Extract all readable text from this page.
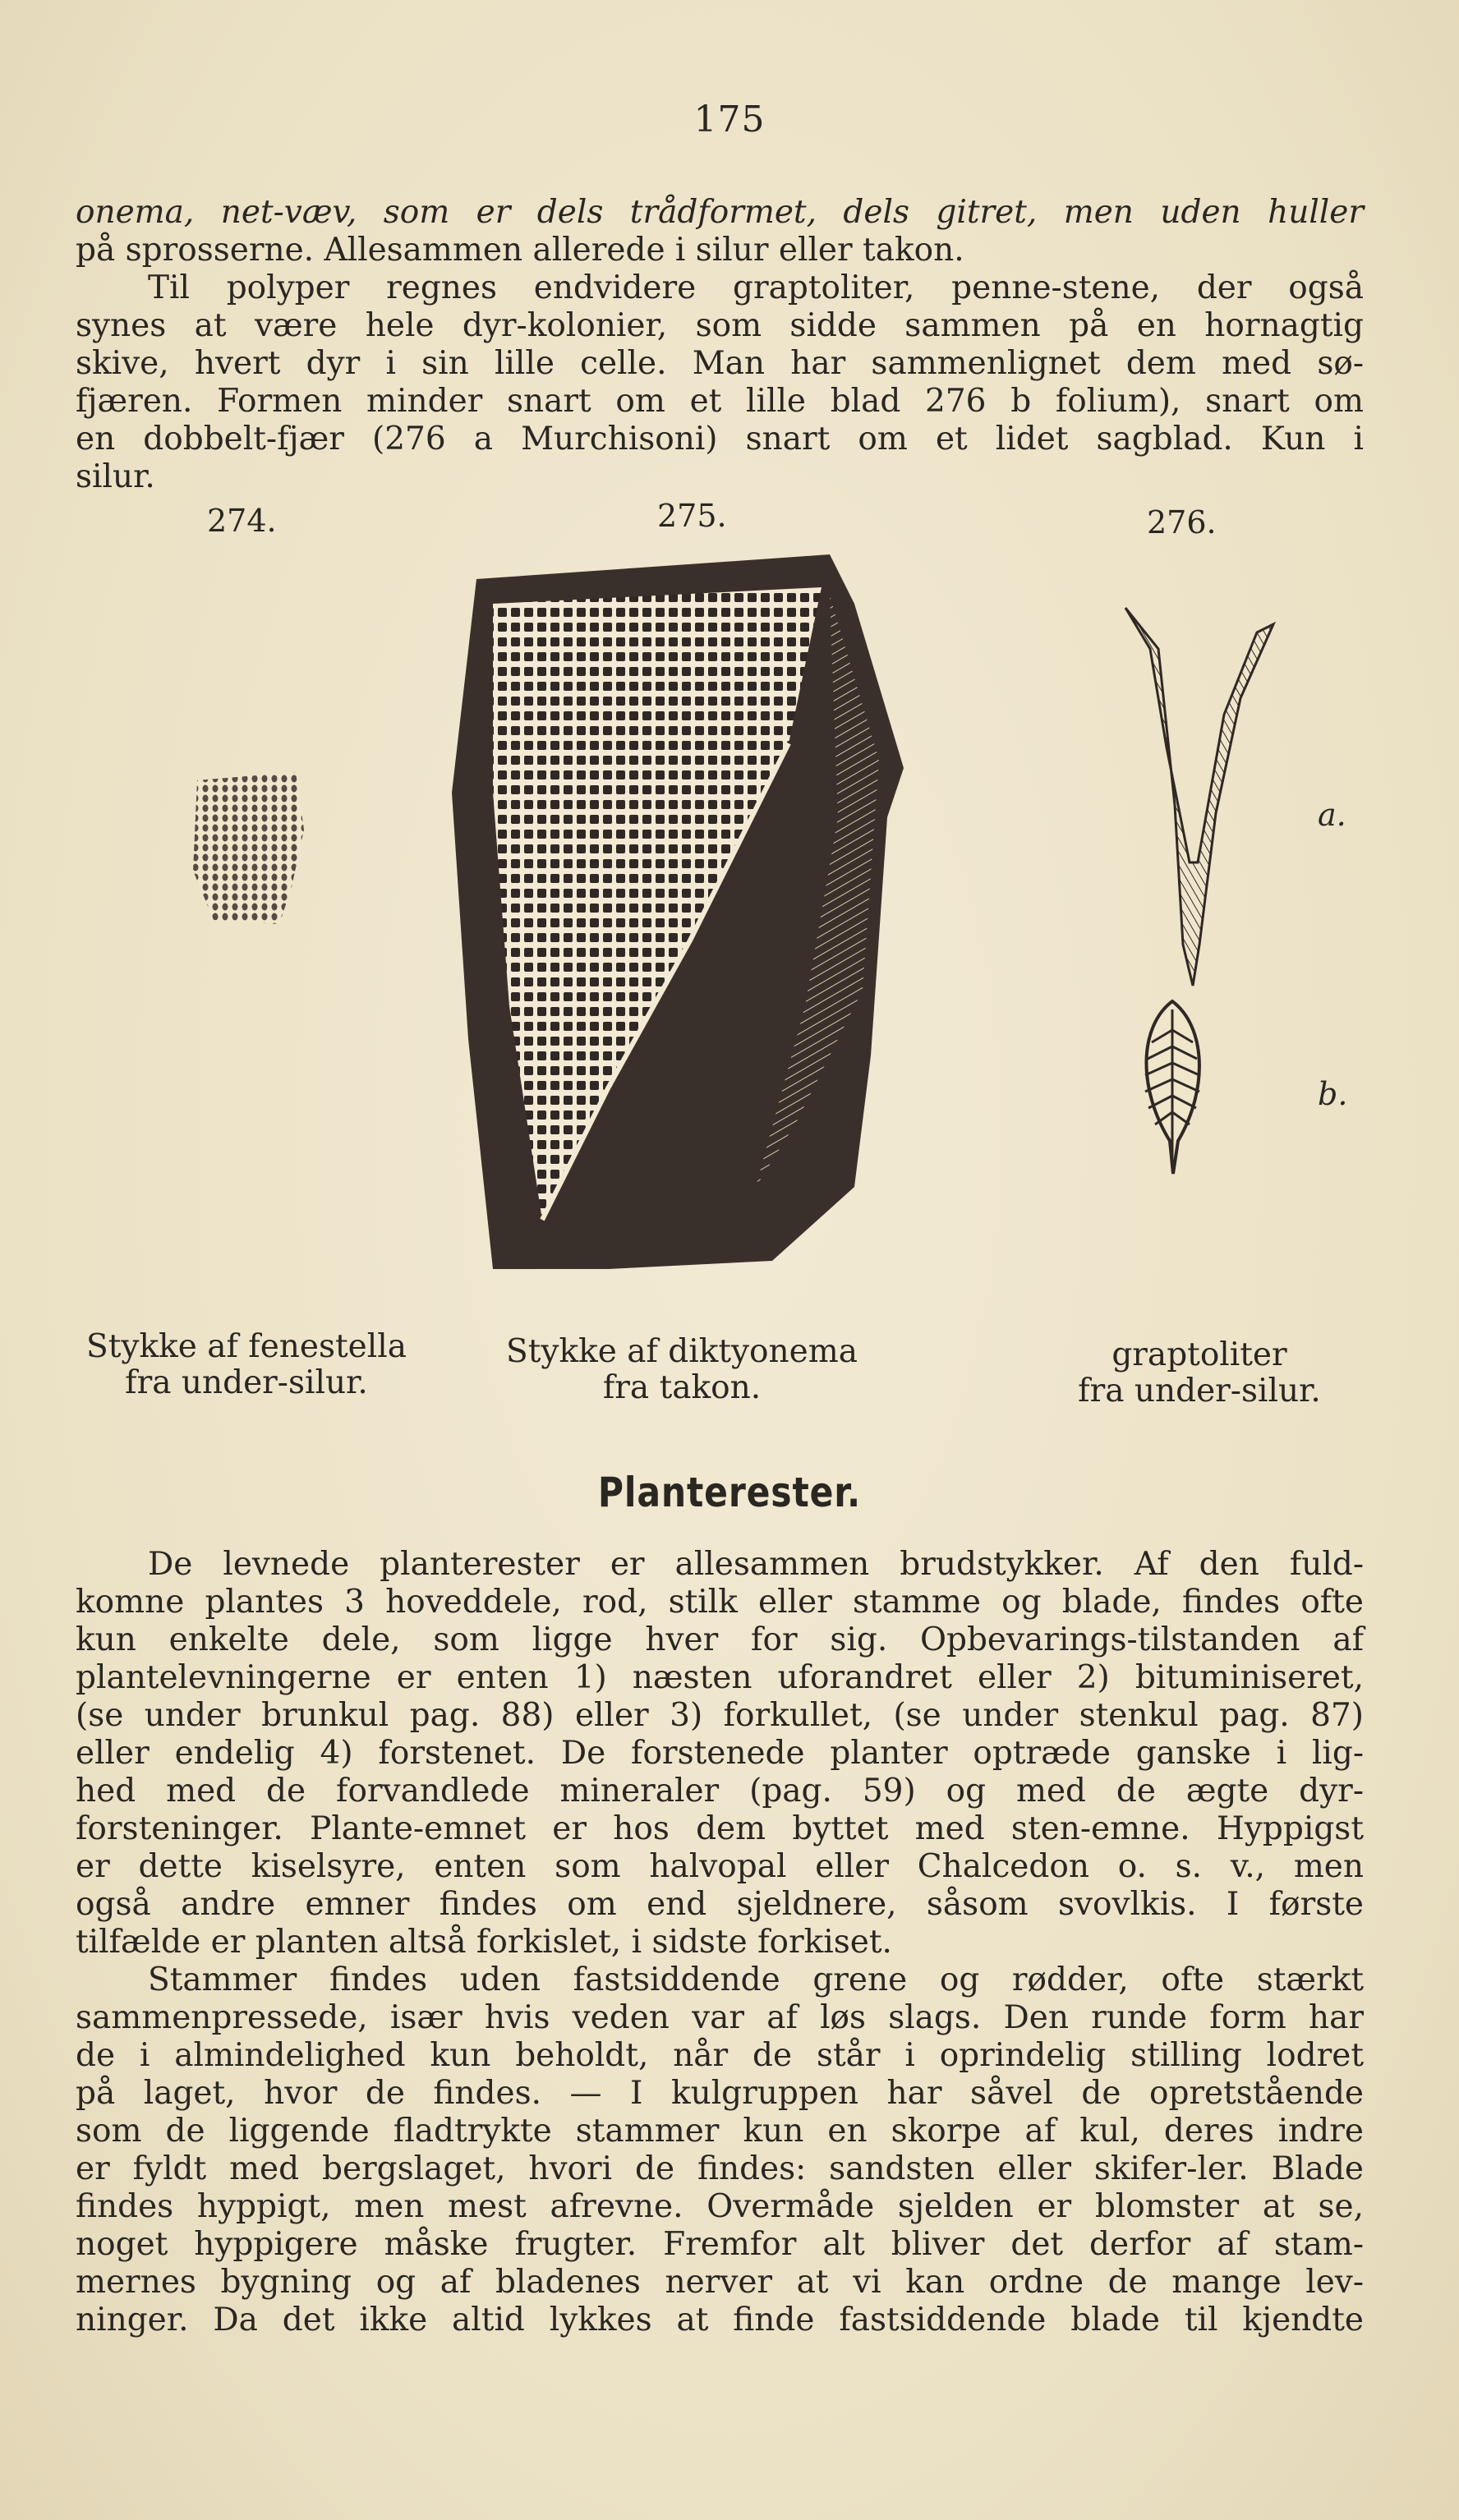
175
onema, net-væv, som er dels trådformet, dels gitret, men uden huller
på sprosserne. Allesammen allerede i silur eller takon.
Til polyper regnes endvidere graptoliter, penne-stene, der også
synes at være hele dyr-kolonier, som sidde sammen på en hornagtig
skive, hvert dyr i sin lille celle. Man har sammenlignet dem med sø-
fjæren. Formen minder snart om et lille blad 276 b folium), snart om
en dobbelt-fjær (276 a Murchisoni) snart om et lidet sagblad. Kun i
silur.
274.	275.	276.
a.
b.
Stykke af fenestella
fra under-silur.
Stykke af diktyonema
fra takon.
graptoliter
fra under-silur.
Planterester.
De levnede planterester er allesammen brudstykker. Af den fuld-
komne plantes 3 hoveddele, rod, stilk eller stamme og blade, findes ofte
kun enkelte dele, som ligge hver for sig. Opbevarings-tilstanden af
plantelevningerne er enten 1) næsten uforandret eller 2) bituminiseret,
(se under brunkul pag. 88) eller 3) forkullet, (se under stenkul pag. 87)
eller endelig 4) forstenet. De forstenede planter optræde ganske i lig-
hed med de forvandlede mineraler (pag. 59) og med de ægte dyr-
forsteninger. Plante-emnet er hos dem byttet med sten-emne. Hyppigst
er dette kiselsyre, enten som halvopal eller Chalcedon o. s. v., men
også andre emner findes om end sjeldnere, såsom svovlkis. I første
tilfælde er planten altså forkislet, i sidste forkiset.
Stammer findes uden fastsiddende grene og rødder, ofte stærkt
sammenpressede, især hvis veden var af løs slags. Den runde form har
de i almindelighed kun beholdt, når de står i oprindelig stilling lodret
på laget, hvor de findes. — I kulgruppen har såvel de opretstående
som de liggende fladtrykte stammer kun en skorpe af kul, deres indre
er fyldt med bergslaget, hvori de findes: sandsten eller skifer-ler. Blade
findes hyppigt, men mest afrevne. Overmåde sjelden er blomster at se,
noget hyppigere måske frugter. Fremfor alt bliver det derfor af stam-
mernes bygning og af bladenes nerver at vi kan ordne de mange lev-
ninger. Da det ikke altid lykkes at finde fastsiddende blade til kjendte
